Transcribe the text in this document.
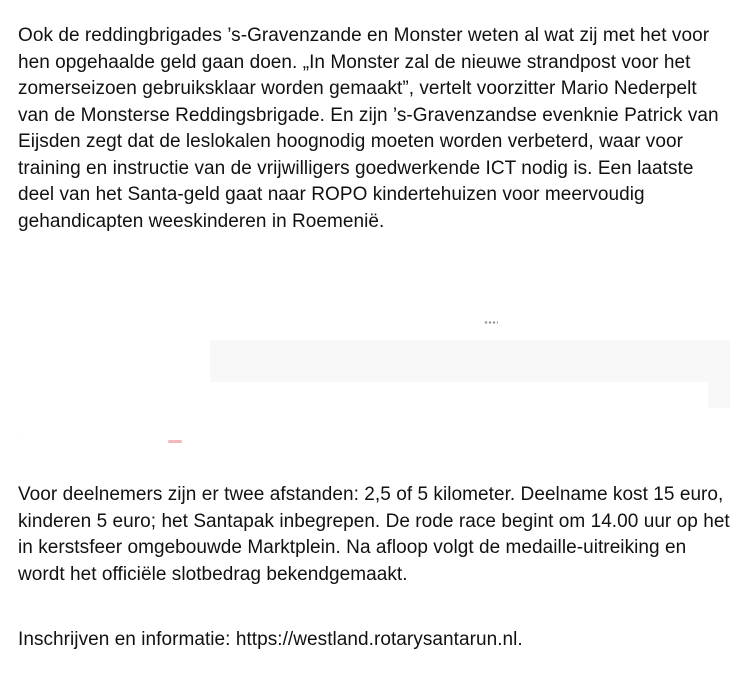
Ook de reddingbrigades ’s-Gravenzande en Monster weten al wat zij met het voor hen opgehaalde geld gaan doen. „In Monster zal de nieuwe strandpost voor het zomerseizoen gebruiksklaar worden gemaakt”, vertelt voorzitter Mario Nederpelt van de Monsterse Reddingsbrigade. En zijn ’s-Gravenzandse evenknie Patrick van Eijsden zegt dat de leslokalen hoognodig moeten worden verbeterd, waar voor training en instructie van de vrijwilligers goedwerkende ICT nodig is. Een laatste deel van het Santa-geld gaat naar ROPO kindertehuizen voor meervoudig gehandicapten weeskinderen in Roemenië.

Voor deelnemers zijn er twee afstanden: 2,5 of 5 kilometer. Deelname kost 15 euro, kinderen 5 euro; het Santapak inbegrepen. De rode race begint om 14.00 uur op het in kerstsfeer omgebouwde Marktplein. Na afloop volgt de medaille-uitreiking en wordt het officiële slotbedrag bekendgemaakt.

Inschrijven en informatie: https://westland.rotarysantarun.nl.
